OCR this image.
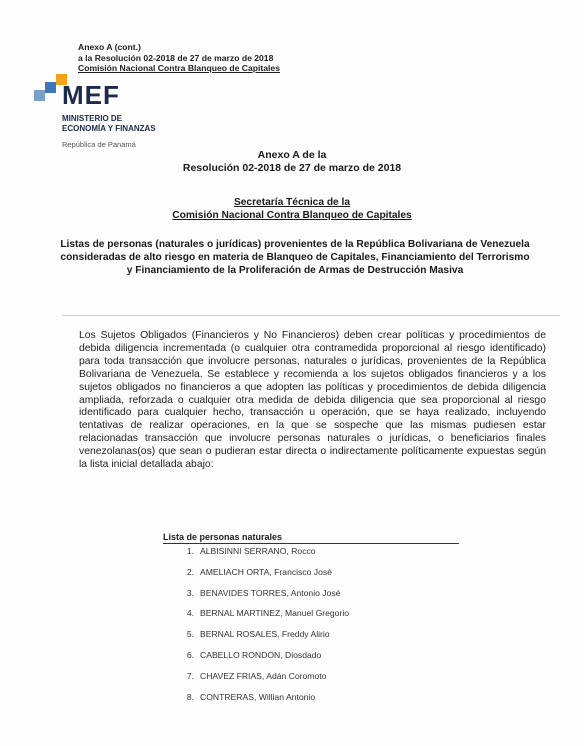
Anexo A (cont.)
a la Resolución 02-2018 de 27 de marzo de 2018
Comisión Nacional Contra Blanqueo de Capitales
MEF
MINISTERIO DE
ECONOMÍA Y FINANZAS
República de Panamá
Anexo A de la
Resolución 02-2018 de 27 de marzo de 2018
Secretaría Técnica de la
Comisión Nacional Contra Blanqueo de Capitales
Listas de personas (naturales o jurídicas) provenientes de la República Bolivariana de Venezuela consideradas de alto riesgo en materia de Blanqueo de Capitales, Financiamiento del Terrorismo y Financiamiento de la Proliferación de Armas de Destrucción Masiva
Los Sujetos Obligados (Financieros y No Financieros) deben crear políticas y procedimientos de debida diligencia incrementada (o cualquier otra contramedida proporcional al riesgo identificado) para toda transacción que involucre personas, naturales o jurídicas, provenientes de la República Bolivariana de Venezuela. Se establece y recomienda a los sujetos obligados financieros y a los sujetos obligados no financieros a que adopten las políticas y procedimientos de debida diligencia ampliada, reforzada o cualquier otra medida de debida diligencia que sea proporcional al riesgo identificado para cualquier hecho, transacción u operación, que se haya realizado, incluyendo tentativas de realizar operaciones, en la que se sospeche que las mismas pudiesen estar relacionadas transacción que involucre personas naturales o jurídicas, o beneficiarios finales venezolanas(os) que sean o pudieran estar directa o indirectamente políticamente expuestas según la lista inicial detallada abajo:
Lista de personas naturales
1. ALBISINNI SERRANO, Rocco
2. AMELIACH ORTA, Francisco José
3. BENAVIDES TORRES, Antonio José
4. BERNAL MARTINEZ, Manuel Gregorio
5. BERNAL ROSALES, Freddy Alirio
6. CABELLO RONDON, Diosdado
7. CHAVEZ FRIAS, Adán Coromoto
8. CONTRERAS, Willian Antonio
